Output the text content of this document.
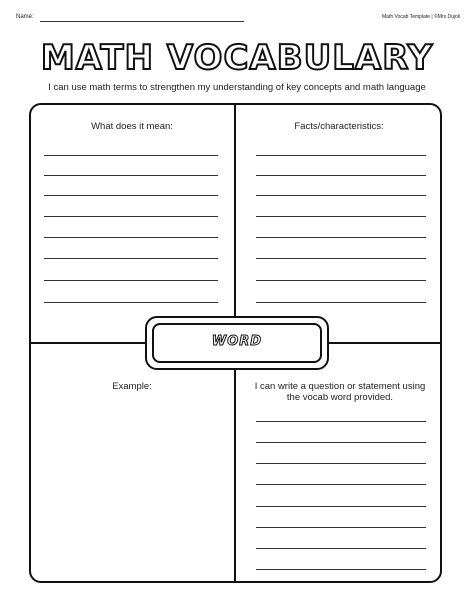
Name:	Math Vocab Template | ©Mrs Dujoli
MATH VOCABULARY
I can use math terms to strengthen my understanding of key concepts and math language
What does it mean:	Facts/characteristics:
Example:	I can write a question or statement using the vocab word provided.
WORD
